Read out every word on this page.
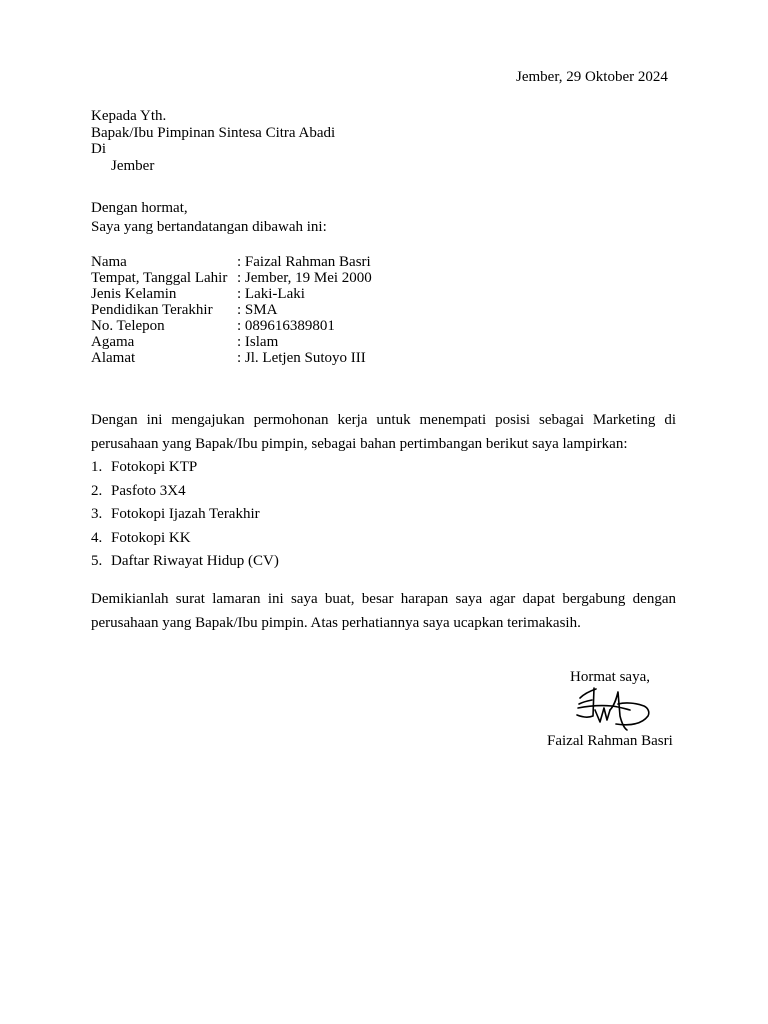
Jember, 29 Oktober 2024
Kepada Yth.
Bapak/Ibu Pimpinan Sintesa Citra Abadi
Di
Jember
Dengan hormat,
Saya yang bertandatangan dibawah ini:
Nama	: Faizal Rahman Basri
Tempat, Tanggal Lahir : Jember, 19 Mei 2000
Jenis Kelamin	: Laki-Laki
Pendidikan Terakhir	: SMA
No. Telepon	: 089616389801
Agama	: Islam
Alamat	: Jl. Letjen Sutoyo III
Dengan ini mengajukan permohonan kerja untuk menempati posisi sebagai Marketing di
perusahaan yang Bapak/Ibu pimpin, sebagai bahan pertimbangan berikut saya lampirkan:
1. Fotokopi KTP
2. Pasfoto 3X4
3. Fotokopi Ijazah Terakhir
4. Fotokopi KK
5. Daftar Riwayat Hidup (CV)
Demikianlah surat lamaran ini saya buat, besar harapan saya agar dapat bergabung dengan
perusahaan yang Bapak/Ibu pimpin. Atas perhatiannya saya ucapkan terimakasih.
Hormat saya,
Faizal Rahman Basri
